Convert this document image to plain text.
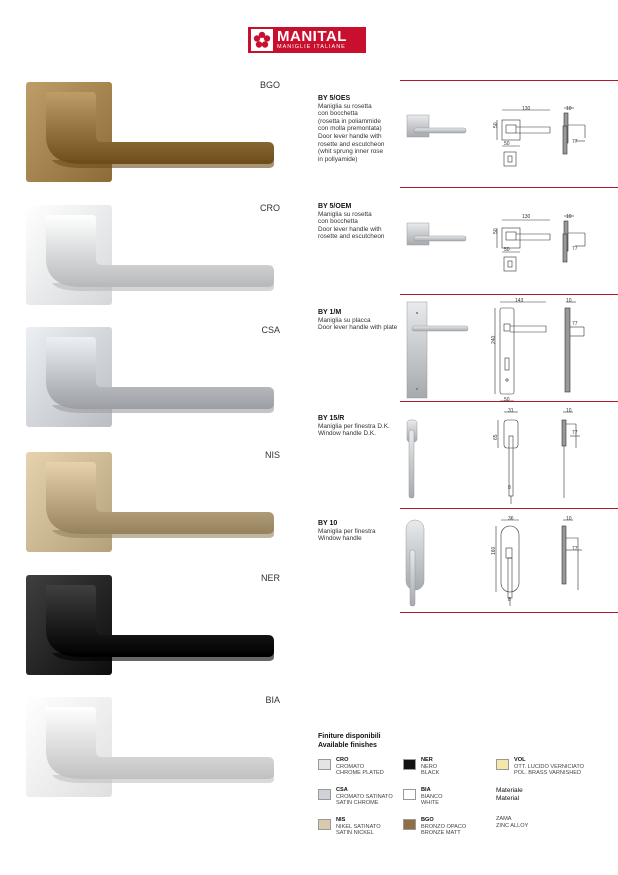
MANITAL
MANIGLIE ITALIANE
BY 5/OES
Maniglia su rosetta
con bocchetta
(rosetta in poliammide
con molla premontata)
Door lever handle with
rosette and escutcheon
(whit sprung inner rose
in pollyamide)
BY 5/OEM
Maniglia su rosetta
con bocchetta
Door lever handle with
rosette and escutcheon
BY 1/M
Maniglia su placca
Door lever handle with plate
BY 15/R
Maniglia per finestra D.K.
Window handle D.K.
BY 10
Maniglia per finestra
Window handle
130	10
50
50	77
130	10
50
50	77
143	10
240
50
77
31	10
65
8
77
36	10
160
8
77
Finiture disponibili
Available finishes
CRO
CROMATO
CHROME PLATED
CSA
CROMATO SATINATO
SATIN CHROME
NIS
NIKEL SATINATO
SATIN NICKEL
NER
NERO
BLACK
BIA
BIANCO
WHITE
BGO
BRONZO OPACO
BRONZE MATT
VOL
OTT. LUCIDO VERNICIATO
POL. BRASS VARNISHED
Materiale
Material
ZAMA
ZINC ALLOY
BGO
CRO
CSA
NIS
NER
BIA
